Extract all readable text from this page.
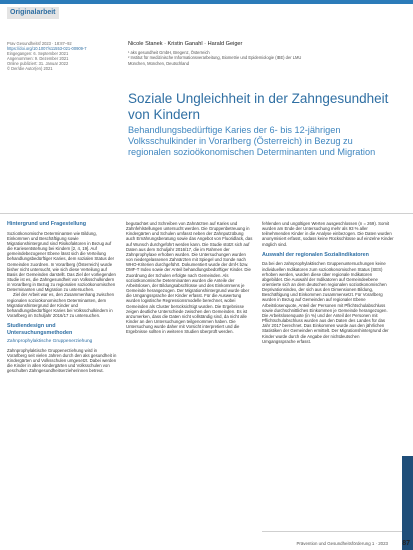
Originalarbeit
Prav Gesundheitsf 2023 · 18:87–92
https://doi.org/10.1007/s11553-021-00909-7
Eingegangen: 6. September 2021
Angenommen: 9. Dezember 2021
Online publiziert: 31. Januar 2022
© Der/die Autor(en) 2021
Nicole Stanek · Kristin Ganahl · Harald Geiger
¹ aks gesundheit GmbH, Bregenz, Österreich
² Institut für medizinische Informationsverarbeitung, Biometrie und Epidemiologie (IBE) der LMU
München, München, Deutschland
Soziale Ungleichheit in der Zahngesundheit von Kindern
Behandlungsbedürftige Karies der 6- bis 12-jährigen Volksschulkinder in Vorarlberg (Österreich) in Bezug zu regionalen sozioökonomischen Determinanten und Migration
Hintergrund und Fragestellung

Sozioökonomische Determinanten wie Bildung, Einkommen und Beschäftigung sowie Migrationshintergrund sind Risikofaktoren in Bezug auf die Kariesentstehung bei Kindern [2, 4, 19]. Auf gemeindebezogener Ebene lässt sich die Verteilung behandlungsbedürftiger Karies, dem sozialen Status der Gemeinden zuordnen. In Vorarlberg (Österreich) wurde bisher nicht untersucht, wie sich diese Verteilung auf Basis der Gemeinden darstellt. Das Ziel der vorliegenden Studie ist es, die Zahngesundheit von Volksschulkindern in Vorarlberg in Bezug zu regionalen sozioökonomischen Determinanten und Migration zu untersuchen.

Ziel der Arbeit war es, den Zusammenhang zwischen regionalen sozioökonomischen Determinanten, dem Migrationshintergrund der Kinder und behandlungsbedürftiger Karies bei Volksschulkindern in Vorarlberg im Schuljahr 2016/17 zu untersuchen.

Studiendesign und Untersuchungsmethoden
Zahnprophylaktische Gruppenerziehung

Zahnprophylaktische Gruppenerziehung wird in Vorarlberg seit vielen Jahren durch den aks gesundheit in Kindergärten und Volksschulen umgesetzt. Dabei werden die Kinder in allen Kindergärten und Volksschulen von geschulten Zahngesundheitserzieherinnen betreut.

begutachtet und Schreiben von Zahnärzten auf Karies und Zahnfehlstellungen untersucht werden. Die Gruppenbetreuung in Kindergärten und Schulen umfasst neben der Zahnputzübung auch Ernährungsberatung sowie das Angebot von Fluoridlack, das auf Wunsch durchgeführt werden kann. Die Studie stützt sich auf Daten aus dem Schuljahr 2016/17, die im Rahmen der Zahnprophylaxe erhoben wurden. Die Untersuchungen wurden von niedergelassenen Zahnärzten mit Spiegel und Sonde nach WHO-Kriterien durchgeführt. Dokumentiert wurde der dmf-t bzw. DMF-T Index sowie der Anteil behandlungsbedürftiger Kinder. Die Zuordnung der Schulen erfolgte nach Gemeinden. Als sozioökonomische Determinanten wurden die Anteile der Arbeitslosen, der Bildungsabschlüsse und des Einkommens je Gemeinde herangezogen. Der Migrationshintergrund wurde über die Umgangssprache der Kinder erfasst. Für die Auswertung wurden logistische Regressionsmodelle berechnet, wobei Gemeinden als Cluster berücksichtigt wurden. Die Ergebnisse zeigen deutliche Unterschiede zwischen den Gemeinden. Es ist anzumerken, dass die Daten nicht vollständig sind, da nicht alle Kinder an den Untersuchungen teilgenommen haben. Die Untersuchung wurde daher mit Vorsicht interpretiert und die Ergebnisse sollten in weiteren Studien überprüft werden.

fehlenden und ungültigen Werten ausgeschlossen (n = 269). Somit wurden am Ende der Untersuchung mehr als 93 % aller teilnehmenden Kinder in die Analyse einbezogen. Die Daten wurden anonymisiert erfasst, sodass keine Rückschlüsse auf einzelne Kinder möglich sind.

Auswahl der regionalen Sozialindikatoren

Da bei den zahnprophylaktischen Gruppenuntersuchungen keine individuellen Indikatoren zum sozioökonomischen Status (SES) erhoben werden, wurden diese über regionale Indikatoren abgebildet. Die Auswahl der Indikatoren auf Gemeindeebene orientierte sich an dem deutschen regionalen sozioökonomischen Deprivationsindex, der sich aus den Dimensionen Bildung, Beschäftigung und Einkommen zusammensetzt. Für Vorarlberg wurden in Bezug auf Gemeinden auf regionaler Ebene Arbeitslosenquote, Anteil der Personen mit Pflichtschulabschluss sowie durchschnittliches Einkommen je Gemeinde herangezogen. Die Arbeitslosenquote (in %) und der Anteil der Personen mit Pflichtschulabschluss wurden aus den Daten des Landes für das Jahr 2017 berechnet. Das Einkommen wurde aus den jährlichen Statistiken der Gemeinden ermittelt. Der Migrationshintergrund der Kinder wurde durch die Angabe der nichtdeutschen Umgangssprache erfasst.

Prävention und Gesundheitsförderung 1 · 2023 87
